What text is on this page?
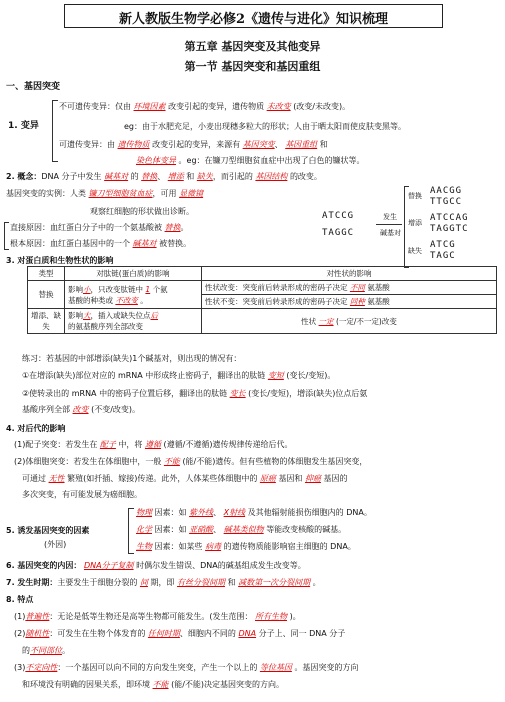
新人教版生物学必修2《遗传与进化》知识梳理
第五章 基因突变及其他变异
第一节 基因突变和基因重组
一、基因突变
1. 变异
不可遗传变异：仅由 环境因素 改变引起的变异，遗传物质 未改变 (改变/未改变)。
eg：由于水肥充足，小麦出现穗多粒大的形状；人由于晒太阳而使皮肤变黑等。
可遗传变异：由 遗传物质 改变引起的变异，来源有 基因突变、 基因重组 和
染色体变异 。eg：在镰刀型细胞贫血症中出现了白色的镰状等。
2. 概念：DNA 分子中发生 碱基对 的 替换、 增添 和 缺失，而引起的 基因结构 的改变。
基因突变的实例：人类 镰刀型细胞贫血症，可用 显微镜
观察红细胞的形状做出诊断。
直接原因：血红蛋白分子中的一个氨基酸被 替换。
根本原因：血红蛋白基因中的一个 碱基对 被替换。
ATCCG
TAGGC
发生
碱基对
替换 AACGG
TTGCC
增添 ATCCAG
TAGGTC
缺失
ATCG
TAGC
3. 对蛋白质和生物性状的影响
类型	对肽链(蛋白质)的影响	对性状的影响
替换	影响小，只改变肽链中 1 个氨
基酸的种类或 不改变 。	性状改变：突变前后转录形成的密码子决定 不同 氨基酸
		性状不变：突变前后转录形成的密码子决定 同种 氨基酸
增添、缺失	影响大，插入或缺失位点后
的氨基酸序列全部改变	性状 一定 (一定/不一定)改变
练习：若基因的中部增添(缺失)1个碱基对，则出现的情况有：
①在增添(缺失)部位对应的 mRNA 中形成终止密码子，翻译出的肽链 变短 (变长/变短)。
②使转录出的 mRNA 中的密码子位置后移，翻译出的肽链 变长 (变长/变短)，增添(缺失)位点后氨
基酸序列全部 改变 (不变/改变)。
4. 对后代的影响
(1)配子突变：若发生在 配子 中，将 遵循 (遵循/不遵循)遗传规律传递给后代。
(2)体细胞突变：若发生在体细胞中，一般 不能 (能/不能)遗传。但有些植物的体细胞发生基因突变，
可通过 无性 繁殖(如扦插、嫁接)传递。此外，人体某些体细胞中的 原癌 基因和 抑癌 基因的
多次突变，有可能发展为癌细胞。
5. 诱发基因突变的因素
(外因)
物理 因素：如 紫外线、 X射线 及其他辐射能损伤细胞内的 DNA。
化学 因素：如 亚硝酸、 碱基类似物 等能改变核酸的碱基。
生物 因素：如某些 病毒 的遗传物质能影响宿主细胞的 DNA。
6. 基因突变的内因： DNA分子复制 时偶尔发生错误、DNA的碱基组成发生改变等。
7. 发生时期：主要发生于细胞分裂的 间 期，即 有丝分裂间期 和 减数第一次分裂间期 。
8. 特点
(1)普遍性：无论是低等生物还是高等生物都可能发生。(发生范围： 所有生物 )。
(2)随机性：可发生在生物个体发育的 任何时期、细胞内不同的 DNA 分子上、同一 DNA 分子
的不同部位。
(3)不定向性：一个基因可以向不同的方向发生突变，产生一个以上的 等位基因 。基因突变的方向
和环境没有明确的因果关系，即环境 不能 (能/不能)决定基因突变的方向。
